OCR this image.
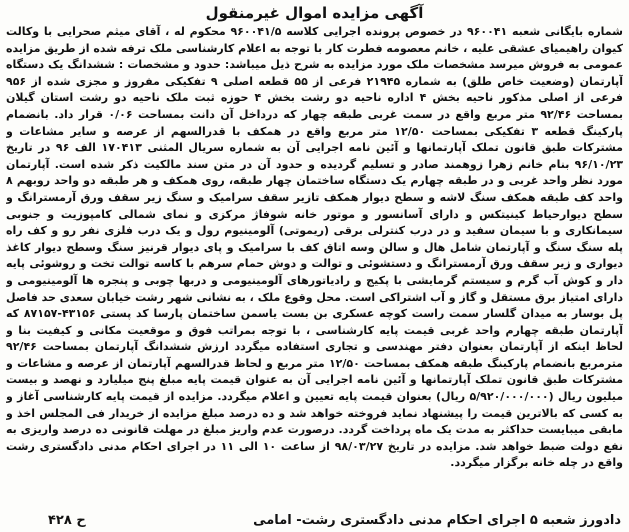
آگهی مزایده اموال غیرمنقول

شماره بایگانی شعبه ۹۶۰۰۴۱ در خصوص پرونده اجرایی کلاسه ۹۶۰۰۴۱/۵ محکوم له ، آقای میثم صحرایی با وکالت کیوان راهیمیای عشقی علیه ، خانم معصومه فطرت کار با توجه به اعلام کارشناسی ملک ترفه شده از طریق مزایده عمومی به فروش میرسد مشخصات ملک مورد مزایده به شرح ذیل میباشد: حدود و مشخصات : ششدانگ یک دستگاه آپارتمان (وضعیت خاص طلق) به شماره ۲۱۹۴۵ فرعی از ۵۵ قطعه اصلی ۹ تفکیکی مفروز و مجزی شده از ۹۵۶ فرعی از اصلی مذکور ناحیه بخش ۴ اداره ناحیه دو رشت بخش ۴ حوزه ثبت ملک ناحیه دو رشت استان گیلان بمساحت ۹۲/۴۶ متر مربع واقع در سمت غربی طبقه چهار که درداخل آن دانت بمساحت ۰/۰۶ قرار داد. بانضمام پارکینگ قطعه ۳ تفکیکی بمساحت ۱۲/۵۰ متر مربع واقع در همکف با قدرالسهم از عرصه و سایر مشاعات و مشترکات طبق قانون تملک آپارتمانها و آئین نامه اجرایی آن به شماره سریال المثنی ۱۷۰۴۱۳ الف ۹۶ در تاریخ ۹۶/۱۰/۲۳ بنام خانم زهرا زوهمند صادر و تسلیم گردیده و حدود آن در متن سند مالکیت ذکر شده است. آپارتمان مورد نظر واحد غربی و در طبقه چهارم یک دستگاه ساختمان چهار طبقه، روی همکف و هر طبقه دو واحد روبهم ۸ واحد کف طبقه همکف سنگ لاشه و سطح دیوار همکف تازیر سقف سرامیک و سنگ زیر سقف ورق آرمسترانگ و سطح دیوارحیاط کینیتکس و دارای آسانسور و موتور خانه شوفاژ مرکزی و نمای شمالی کامپوزیت و جنوبی سیمانکاری و با سیمان سفید و در درب کنترلی برقی (ریموتی) آلومینیوم رول و یک درب فلزی نفر رو و کف راه پله سنگ سنگ و آپارتمان شامل هال و سالن وسه اتاق کف با سرامیک و پای دیوار قرنیز سنگ وسطح دیوار کاغذ دیواری و زیر سقف ورق آرمسترانگ و دستشوئی و توالت و دوش حمام سرهم با کاسه توالت تخت و روشوئی پایه دار و کوش آب گرم و سیستم گرمایشی با پکیج و رادیاتورهای آلومینیومی و دربها چوبی و پنجره ها آلومینیومی و دارای امتیاز برق مستقل و گاز و آب اشتراکی است. محل وقوع ملک ، به نشانی شهر رشت خیابان سعدی حد فاصل پل بوسار به میدان گلسار سمت راست کوچه عسکری بن بست یاسمن ساختمان پارسا کد پستی ۴۳۱۵۶-۸۷۱۵۷ که آپارتمان طبقه چهارم واحد غربی قیمت پایه کارشناسی ، با توجه بمراتب فوق و موقعیت مکانی و کیفیت بنا و لحاظ اینکه از آپارتمان بعنوان دفتر مهندسی و تجاری استفاده میگردد ارزش ششدانگ آپارتمان بمساحت ۹۲/۴۶ مترمربع بانضمام پارکینگ طبقه همکف بمساحت ۱۲/۵۰ متر مربع و لحاظ قدرالسهم آپارتمان از عرصه و مشاعات و مشترکات طبق قانون تملک آپارتمانها و آئین نامه اجرایی آن به عنوان قیمت پایه مبلغ پنج میلیارد و نهصد و بیست میلیون ریال (۵/۹۲۰/۰۰۰/۰۰۰ ریال) بعنوان قیمت پایه تعیین و اعلام میگردد. مزایده از قیمت پایه کارشناسی آغاز و به کسی که بالاترین قیمت را پیشنهاد نماید فروخته خواهد شد و ده درصد مبلغ مزایده از خریدار فی المجلس اخذ و مابقی میبایست حداکثر به مدت یک ماه پرداخت گردد. درصورت عدم واریز مبلغ در مهلت قانونی ده درصد واریزی به نفع دولت ضبط خواهد شد. مزایده در تاریخ ۹۸/۰۳/۲۷ از ساعت ۱۰ الی ۱۱ در اجرای احکام مدنی دادگستری رشت واقع در چله خانه برگزار میگردد.

دادورز شعبه ۵ اجرای احکام مدنی دادگستری رشت- امامی
ح ۴۲۸
